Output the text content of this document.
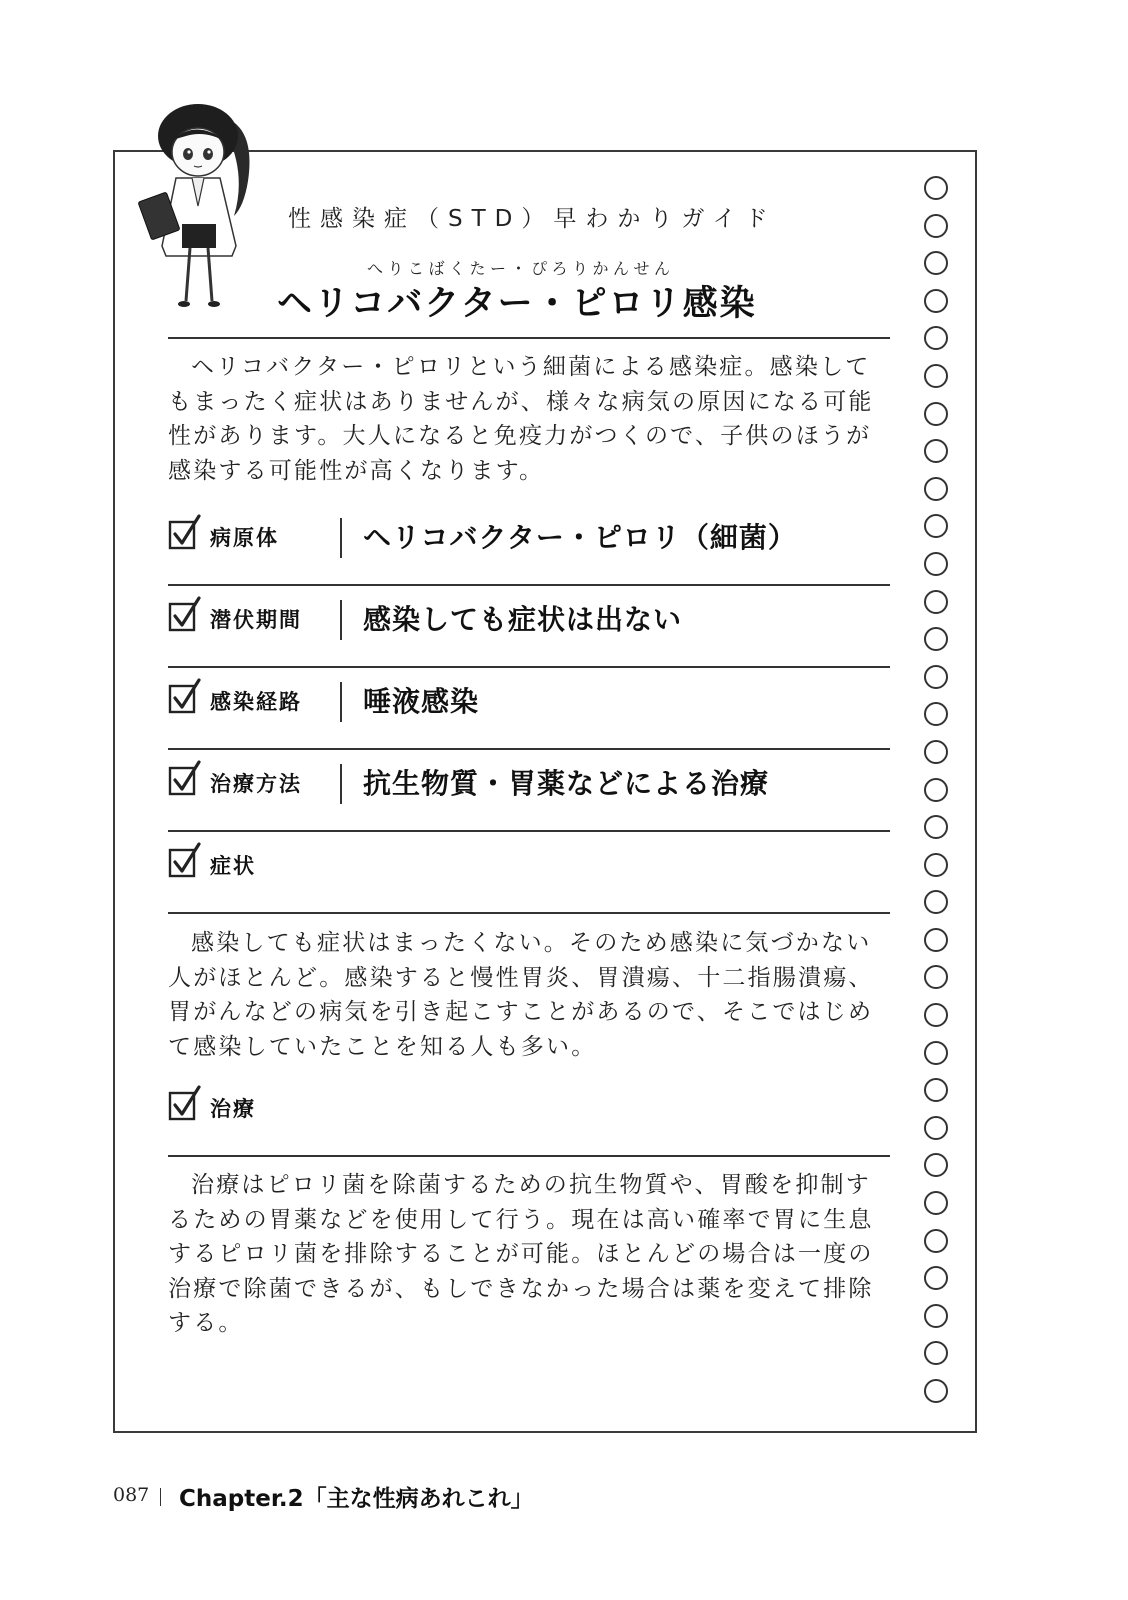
性感染症（STD）早わかりガイド
へりこばくたー・ぴろりかんせん
ヘリコバクター・ピロリ感染

ヘリコバクター・ピロリという細菌による感染症。感染してもまったく症状はありませんが、様々な病気の原因になる可能性があります。大人になると免疫力がつくので、子供のほうが感染する可能性が高くなります。

病原体	ヘリコバクター・ピロリ（細菌）
潜伏期間 感染しても症状は出ない
感染経路 唾液感染
治療方法 抗生物質・胃薬などによる治療
症状

感染しても症状はまったくない。そのため感染に気づかない人がほとんど。感染すると慢性胃炎、胃潰瘍、十二指腸潰瘍、胃がんなどの病気を引き起こすことがあるので、そこではじめて感染していたことを知る人も多い。

治療

治療はピロリ菌を除菌するための抗生物質や、胃酸を抑制するための胃薬などを使用して行う。現在は高い確率で胃に生息するピロリ菌を排除することが可能。ほとんどの場合は一度の治療で除菌できるが、もしできなかった場合は薬を変えて排除する。

087 Chapter.2「主な性病あれこれ」
